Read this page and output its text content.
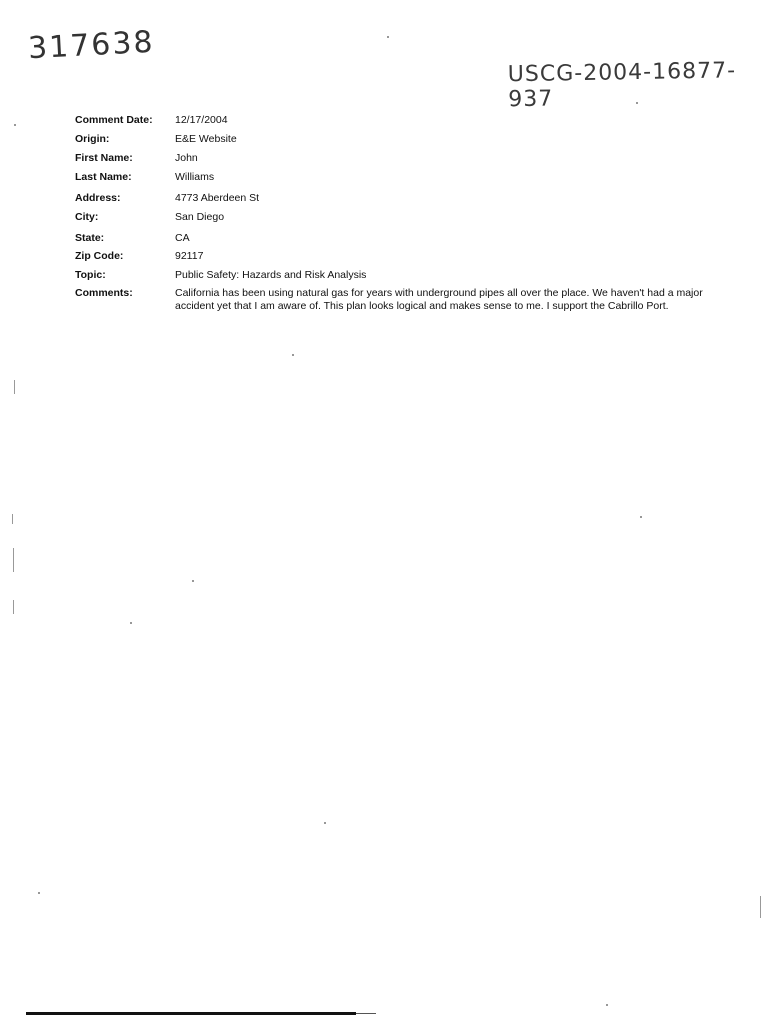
317638
USCG-2004-16877-937
Comment Date:	12/17/2004
Origin:	E&E Website
First Name:	John
Last Name:	Williams
Address:	4773 Aberdeen St
City:	San Diego
State:	CA
Zip Code:	92117
Topic:	Public Safety: Hazards and Risk Analysis
Comments:	California has been using natural gas for years with underground pipes all over the place. We haven't had a major accident yet that I am aware of. This plan looks logical and makes sense to me. I support the Cabrillo Port.
